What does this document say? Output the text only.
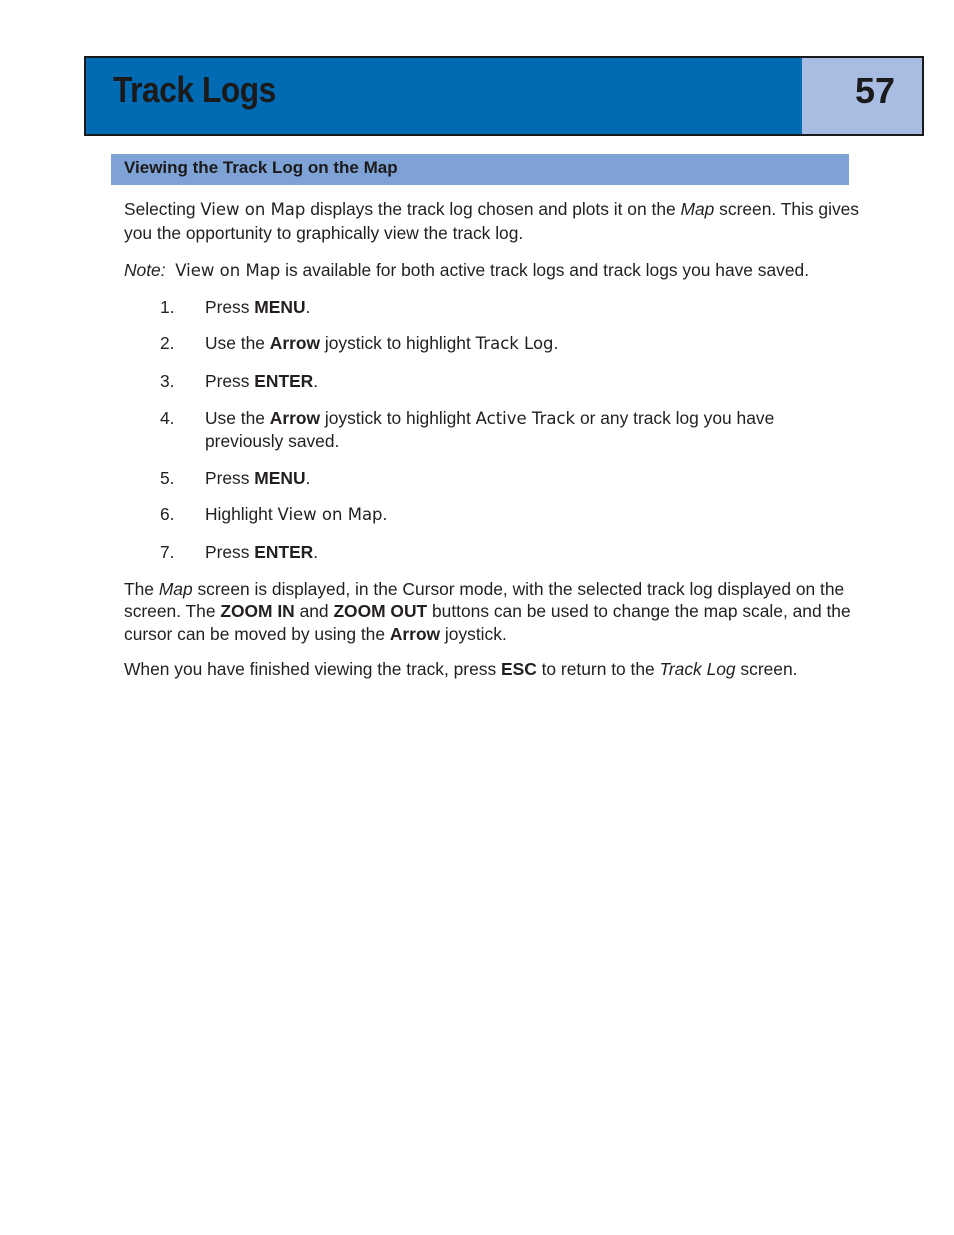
Track Logs	57
Viewing the Track Log on the Map

Selecting View on Map displays the track log chosen and plots it on the Map screen. This gives you the opportunity to graphically view the track log.

Note: View on Map is available for both active track logs and track logs you have saved.

1. Press MENU.
2. Use the Arrow joystick to highlight Track Log.
3. Press ENTER.
4. Use the Arrow joystick to highlight Active Track or any track log you have previously saved.
5. Press MENU.
6. Highlight View on Map.
7. Press ENTER.

The Map screen is displayed, in the Cursor mode, with the selected track log displayed on the screen. The ZOOM IN and ZOOM OUT buttons can be used to change the map scale, and the cursor can be moved by using the Arrow joystick.

When you have finished viewing the track, press ESC to return to the Track Log screen.
